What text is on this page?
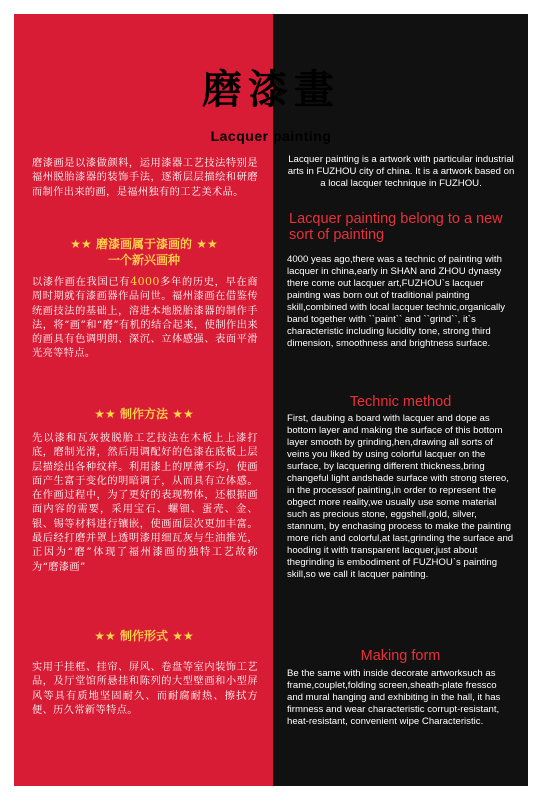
磨漆畫
Lacquer painting
磨漆画是以漆做颜料，运用漆器工艺技法特别是福州脱胎漆器的装饰手法，逐渐层层描绘和研磨而制作出来的画，是福州独有的工艺美术品。
★★ 磨漆画属于漆画的 ★★
一个新兴画种
以漆作画在我国已有4000多年的历史，早在商周时期就有漆画器作品问世。福州漆画在借鉴传统画技法的基础上，溶进本地脱胎漆器的制作手法，将“画”和“磨”有机的结合起来，使制作出来的画具有色调明朗、深沉、立体感强、表面平滑光亮等特点。
★★ 制作方法 ★★
先以漆和瓦灰披脱胎工艺技法在木板上上漆打底，磨制光滑，然后用调配好的色漆在底板上层层描绘出各种纹样。利用漆上的厚薄不均，使画面产生富于变化的明暗调子，从而具有立体感。在作画过程中，为了更好的表现物体，还根据画面内容的需要，采用宝石、螺钿、蛋壳、金、银、锡等材料进行镶嵌，使画面层次更加丰富。最后经打磨并罩上透明漆用细瓦灰与生油推光，正因为“磨”体现了福州漆画的独特工艺故称为“磨漆画”
★★ 制作形式 ★★
实用于挂框、挂帘、屏风、卷盘等室内装饰工艺品，及厅堂馆所悬挂和陈列的大型壁画和小型屏风等具有质地坚固耐久、而耐腐耐热、擦拭方便、历久常新等特点。
Lacquer painting is a artwork with particular industrial arts in FUZHOU city of china. It is a artwork based on a local lacquer technique in FUZHOU.
Lacquer painting belong to a new sort of painting
4000 yeas ago,there was a technic of painting with lacquer in china,early in SHAN and ZHOU dynasty there come out lacquer art,FUZHOU`s lacquer painting was born out of traditional painting skill,combined with local lacquer technic,organically band together with ``paint`` and ``grind``, it`s characteristic including lucidity tone, strong third dimension, smoothness and brightness surface.
Technic method
First, daubing a board with lacquer and dope as bottom layer and making the surface of this bottom layer smooth by grinding,hen,drawing all sorts of veins you liked by using colorful lacquer on the surface, by lacquering different thickness,bring changeful light andshade surface with strong stereo, in the processof painting,in order to represent the obgect more reality,we usually use some material such as precious stone, eggshell,gold, silver, stannum, by enchasing process to make the painting more rich and colorful,at last,grinding the surface and hooding it with transparent lacquer,just about thegrinding is embodiment of FUZHOU`s painting skill,so we call it lacquer painting.
Making form
Be the same with inside decorate artworksuch as frame,couplet,folding screen,sheath-plate fressco and mural hanging and exhibiting in the hall, it has firmness and wear characteristic corrupt-resistant, heat-resistant, convenient wipe Characteristic.
